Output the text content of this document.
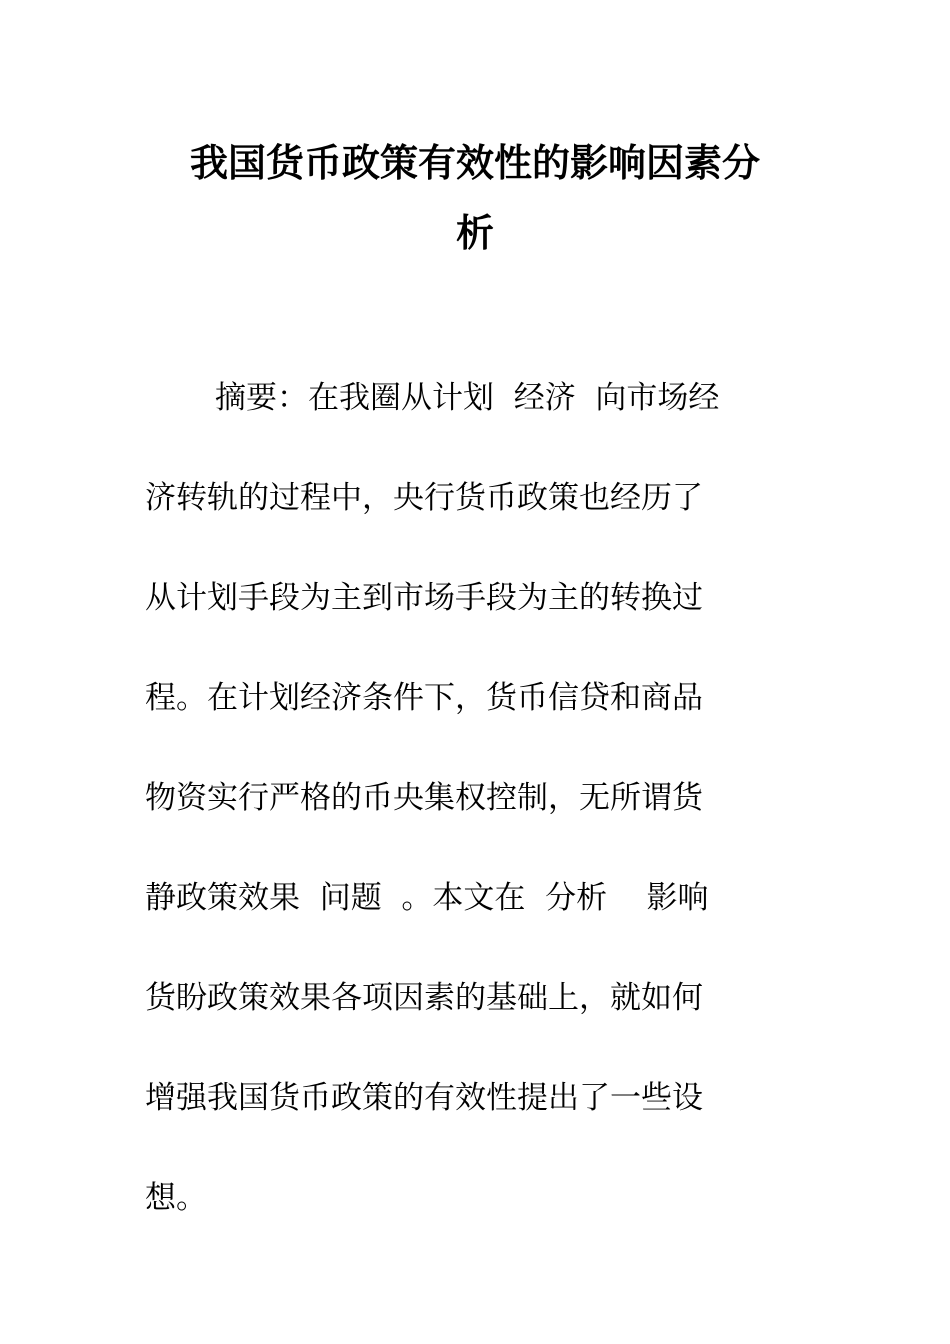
我国货币政策有效性的影响因素分
析
摘要：在我圈从计划  经济  向市场经
济转轨的过程中，央行货币政策也经历了
从计划手段为主到市场手段为主的转换过
程。在计划经济条件下，货币信贷和商品
物资实行严格的币央集权控制，无所谓货
静政策效果  问题  。本文在  分析    影响
货盼政策效果各项因素的基础上，就如何
增强我国货币政策的有效性提出了一些设
想。
